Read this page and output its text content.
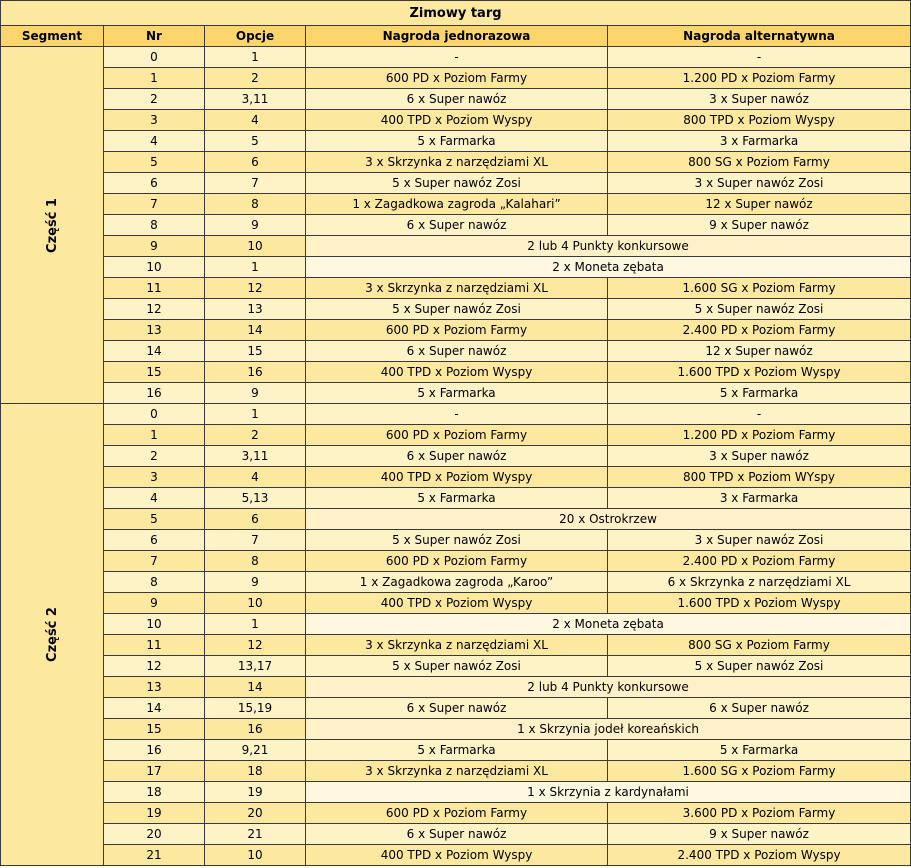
Zimowy targ				
Segment	Nr	Opcje	Nagroda jednorazowa	Nagroda alternatywna
Część 1	0	1	-	-
	1	2	600 PD x Poziom Farmy	1.200 PD x Poziom Farmy
	2	3,11	6 x Super nawóz	3 x Super nawóz
	3	4	400 TPD x Poziom Wyspy	800 TPD x Poziom Wyspy
	4	5	5 x Farmarka	3 x Farmarka
	5	6	3 x Skrzynka z narzędziami XL	800 SG x Poziom Farmy
	6	7	5 x Super nawóz Zosi	3 x Super nawóz Zosi
	7	8	1 x Zagadkowa zagroda „Kalahari”	12 x Super nawóz
	8	9	6 x Super nawóz	9 x Super nawóz
	9	10	2 lub 4 Punkty konkursowe	
	10	1	2 x Moneta zębata	
	11	12	3 x Skrzynka z narzędziami XL	1.600 SG x Poziom Farmy
	12	13	5 x Super nawóz Zosi	5 x Super nawóz Zosi
	13	14	600 PD x Poziom Farmy	2.400 PD x Poziom Farmy
	14	15	6 x Super nawóz	12 x Super nawóz
	15	16	400 TPD x Poziom Wyspy	1.600 TPD x Poziom Wyspy
	16	9	5 x Farmarka	5 x Farmarka
Część 2	0	1	-	-
	1	2	600 PD x Poziom Farmy	1.200 PD x Poziom Farmy
	2	3,11	6 x Super nawóz	3 x Super nawóz
	3	4	400 TPD x Poziom Wyspy	800 TPD x Poziom WYspy
	4	5,13	5 x Farmarka	3 x Farmarka
	5	6	20 x Ostrokrzew	
	6	7	5 x Super nawóz Zosi	3 x Super nawóz Zosi
	7	8	600 PD x Poziom Farmy	2.400 PD x Poziom Farmy
	8	9	1 x Zagadkowa zagroda „Karoo”	6 x Skrzynka z narzędziami XL
	9	10	400 TPD x Poziom Wyspy	1.600 TPD x Poziom Wyspy
	10	1	2 x Moneta zębata	
	11	12	3 x Skrzynka z narzędziami XL	800 SG x Poziom Farmy
	12	13,17	5 x Super nawóz Zosi	5 x Super nawóz Zosi
	13	14	2 lub 4 Punkty konkursowe	
	14	15,19	6 x Super nawóz	6 x Super nawóz
	15	16	1 x Skrzynia jodeł koreańskich	
	16	9,21	5 x Farmarka	5 x Farmarka
	17	18	3 x Skrzynka z narzędziami XL	1.600 SG x Poziom Farmy
	18	19	1 x Skrzynia z kardynałami	
	19	20	600 PD x Poziom Farmy	3.600 PD x Poziom Farmy
	20	21	6 x Super nawóz	9 x Super nawóz
	21	10	400 TPD x Poziom Wyspy	2.400 TPD x Poziom Wyspy
